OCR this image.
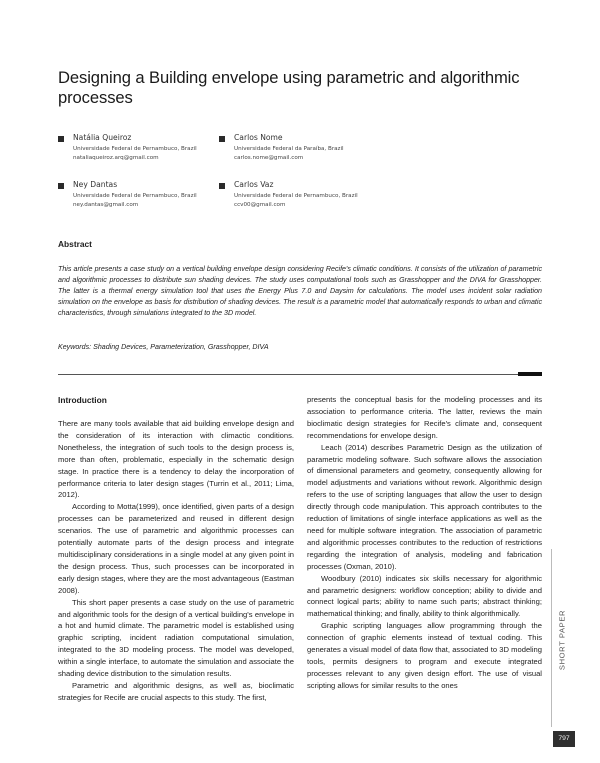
Designing a Building envelope using parametric and algorithmic processes
Natália Queiroz
Universidade Federal de Pernambuco, Brazil
nataliaqueiroz.arq@gmail.com
Carlos Nome
Universidade Federal da Paraíba, Brazil
carlos.nome@gmail.com
Ney Dantas
Universidade Federal de Pernambuco, Brazil
ney.dantas@gmail.com
Carlos Vaz
Universidade Federal de Pernambuco, Brazil
ccv00@gmail.com
Abstract

This article presents a case study on a vertical building envelope design considering Recife's climatic conditions. It consists of the utilization of parametric and algorithmic processes to distribute sun shading devices. The study uses computational tools such as Grasshopper and the DIVA for Grasshopper. The latter is a thermal energy simulation tool that uses the Energy Plus 7.0 and Daysim for calculations. The model uses incident solar radiation simulation on the envelope as basis for distribution of shading devices. The result is a parametric model that automatically responds to urban and climatic characteristics, through simulations integrated to the 3D model.

Keywords: Shading Devices, Parameterization, Grasshopper, DIVA

Introduction

There are many tools available that aid building envelope design and the consideration of its interaction with climactic conditions. Nonetheless, the integration of such tools to the design process is, more than often, problematic, especially in the schematic design stage. In practice there is a tendency to delay the incorporation of performance criteria to later design stages (Turrin et al., 2011; Lima, 2012).

According to Motta(1999), once identified, given parts of a design processes can be parameterized and reused in different design scenarios. The use of parametric and algorithmic processes can potentially automate parts of the design process and integrate multidisciplinary considerations in a single model at any given point in the design process. Thus, such processes can be incorporated in early design stages, where they are the most advantageous (Eastman 2008).

This short paper presents a case study on the use of parametric and algorithmic tools for the design of a vertical building's envelope in a hot and humid climate. The parametric model is established using graphic scripting, incident radiation computational simulation, integrated to the 3D modeling process. The model was developed, within a single interface, to automate the simulation and associate the shading device distribution to the simulation results.

Parametric and algorithmic designs, as well as, bioclimatic strategies for Recife are crucial aspects to this study. The first,

presents the conceptual basis for the modeling processes and its association to performance criteria. The latter, reviews the main bioclimatic design strategies for Recife's climate and, consequent recommendations for envelope design.

Leach (2014) describes Parametric Design as the utilization of parametric modeling software. Such software allows the association of dimensional parameters and geometry, consequently allowing for model adjustments and variations without rework. Algorithmic design refers to the use of scripting languages that allow the user to design directly through code manipulation. This approach contributes to the reduction of limitations of single interface applications as well as the need for multiple software integration. The association of parametric and algorithmic processes contributes to the reduction of restrictions regarding the integration of analysis, modeling and fabrication processes (Oxman, 2010).

Woodbury (2010) indicates six skills necessary for algorithmic and parametric designers: workflow conception; ability to divide and connect logical parts; ability to name such parts; abstract thinking; mathematical thinking; and finally, ability to think algorithmically.

Graphic scripting languages allow programming through the connection of graphic elements instead of textual coding. This generates a visual model of data flow that, associated to 3D modeling tools, permits designers to program and execute integrated processes relevant to any given design effort. The use of visual scripting allows for similar results to the ones

SHORT PAPER
797
